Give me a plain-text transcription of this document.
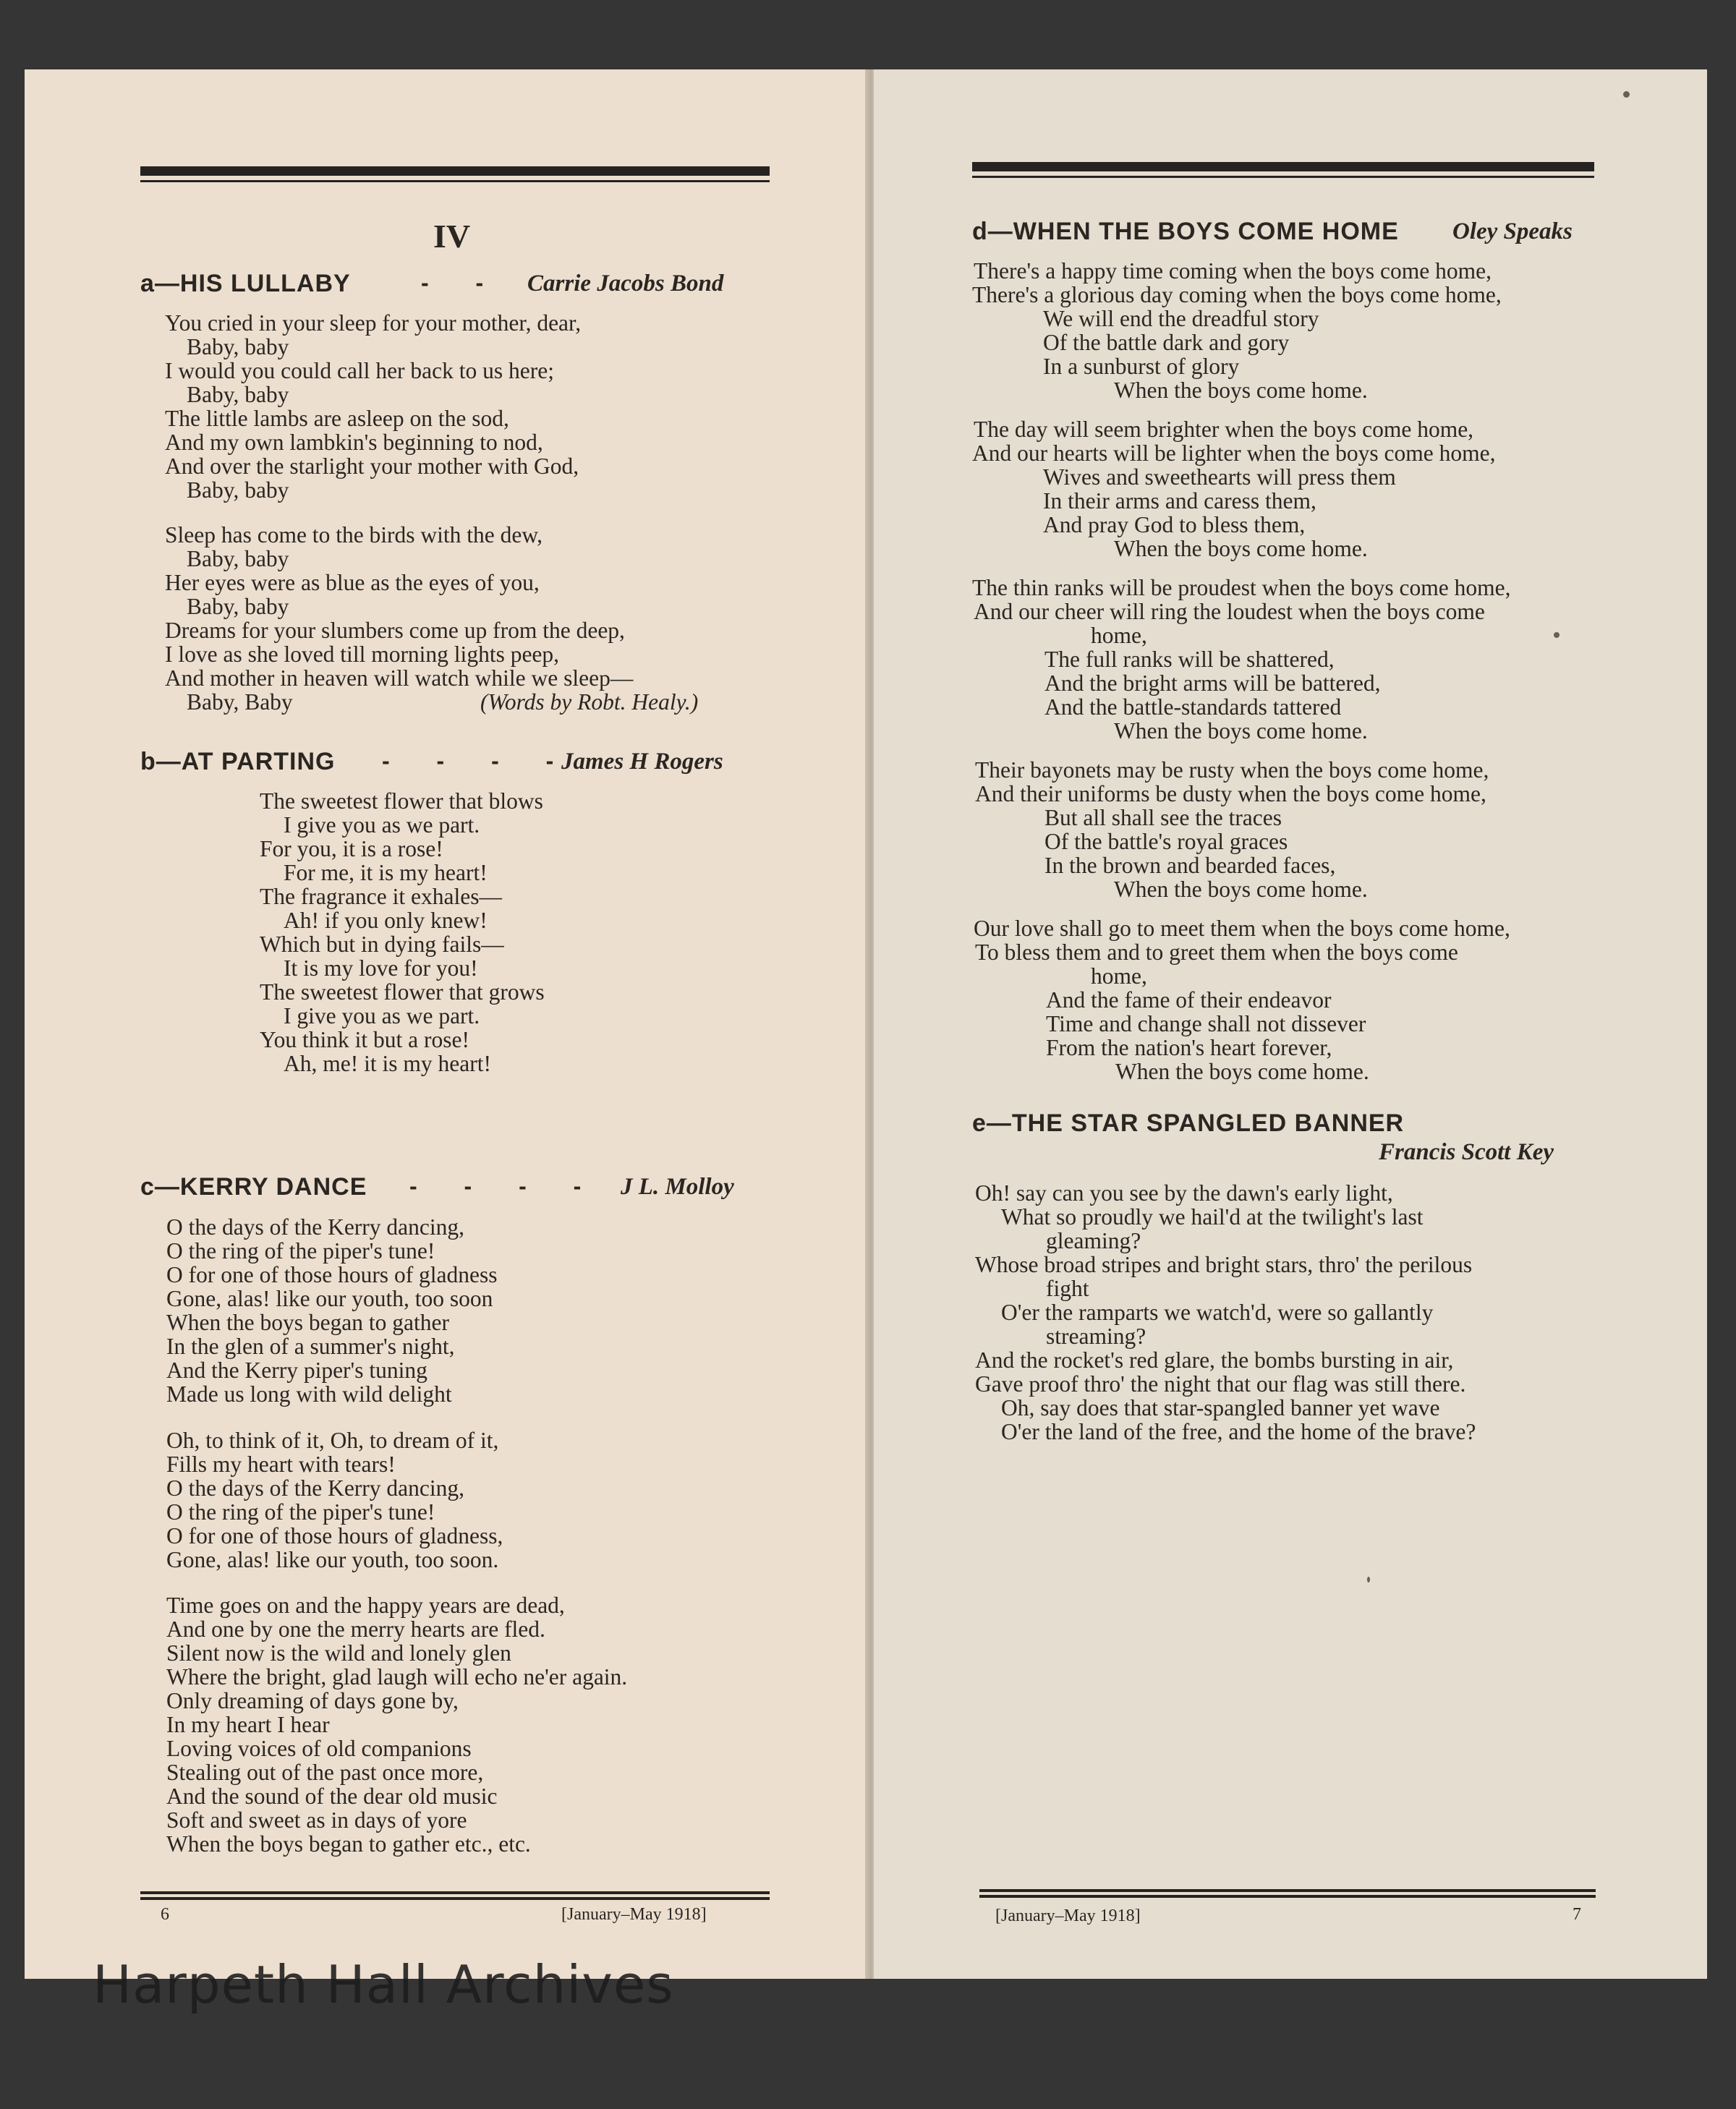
IV
a—HIS LULLABY	- - Carrie Jacobs Bond
You cried in your sleep for your mother, dear,
Baby, baby
I would you could call her back to us here;
Baby, baby
The little lambs are asleep on the sod,
And my own lambkin's beginning to nod,
And over the starlight your mother with God,
Baby, baby
Sleep has come to the birds with the dew,
Baby, baby
Her eyes were as blue as the eyes of you,
Baby, baby
Dreams for your slumbers come up from the deep,
I love as she loved till morning lights peep,
And mother in heaven will watch while we sleep—
Baby, Baby	(Words by Robt. Healy.)
b—AT PARTING - - - -
James H Rogers
The sweetest flower that blows
I give you as we part.
For you, it is a rose!
For me, it is my heart!
The fragrance it exhales—
Ah! if you only knew!
Which but in dying fails—
It is my love for you!
The sweetest flower that grows
I give you as we part.
You think it but a rose!
Ah, me! it is my heart!
c—KERRY DANCE - - - - J L. Molloy
O the days of the Kerry dancing,
O the ring of the piper's tune!
O for one of those hours of gladness
Gone, alas! like our youth, too soon
When the boys began to gather
In the glen of a summer's night,
And the Kerry piper's tuning
Made us long with wild delight
Oh, to think of it, Oh, to dream of it,
Fills my heart with tears!
O the days of the Kerry dancing,
O the ring of the piper's tune!
O for one of those hours of gladness,
Gone, alas! like our youth, too soon.
Time goes on and the happy years are dead,
And one by one the merry hearts are fled.
Silent now is the wild and lonely glen
Where the bright, glad laugh will echo ne'er again.
Only dreaming of days gone by,
In my heart I hear
Loving voices of old companions
Stealing out of the past once more,
And the sound of the dear old music
Soft and sweet as in days of yore
When the boys began to gather etc., etc.
6	[January–May 1918]
d—WHEN THE BOYS COME HOME Oley Speaks
There's a happy time coming when the boys come home,
There's a glorious day coming when the boys come home,
We will end the dreadful story
Of the battle dark and gory
In a sunburst of glory
When the boys come home.
The day will seem brighter when the boys come home,
And our hearts will be lighter when the boys come home,
Wives and sweethearts will press them
In their arms and caress them,
And pray God to bless them,
When the boys come home.
The thin ranks will be proudest when the boys come home,
And our cheer will ring the loudest when the boys come
home,
The full ranks will be shattered,
And the bright arms will be battered,
And the battle-standards tattered
When the boys come home.
Their bayonets may be rusty when the boys come home,
And their uniforms be dusty when the boys come home,
But all shall see the traces
Of the battle's royal graces
In the brown and bearded faces,
When the boys come home.
Our love shall go to meet them when the boys come home,
To bless them and to greet them when the boys come
home,
And the fame of their endeavor
Time and change shall not dissever
From the nation's heart forever,
When the boys come home.
e—THE STAR SPANGLED BANNER
Francis Scott Key
Oh! say can you see by the dawn's early light,
What so proudly we hail'd at the twilight's last
gleaming?
Whose broad stripes and bright stars, thro' the perilous
fight
O'er the ramparts we watch'd, were so gallantly
streaming?
And the rocket's red glare, the bombs bursting in air,
Gave proof thro' the night that our flag was still there.
Oh, say does that star-spangled banner yet wave
O'er the land of the free, and the home of the brave?
[January–May 1918]	7
Harpeth Hall Archives
